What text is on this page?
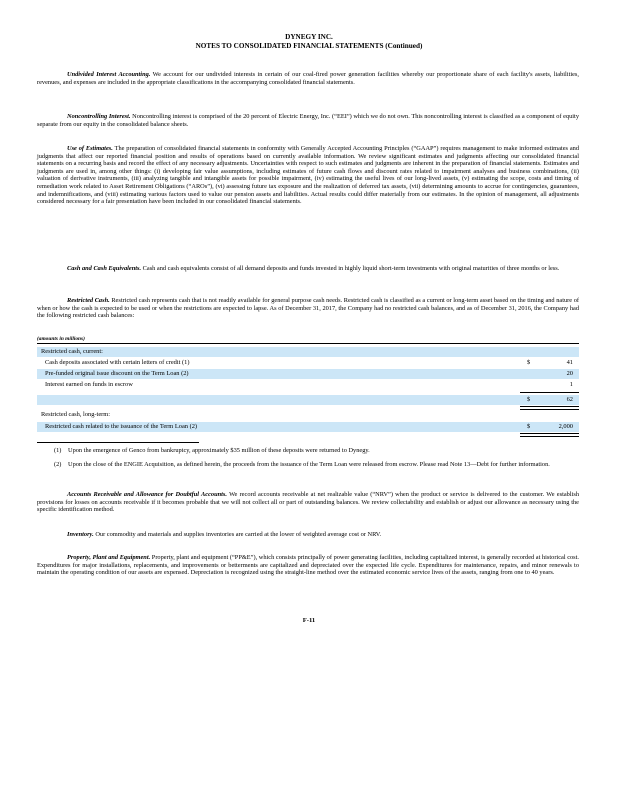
DYNEGY INC.
NOTES TO CONSOLIDATED FINANCIAL STATEMENTS (Continued)

Undivided Interest Accounting. We account for our undivided interests in certain of our coal-fired power generation facilities whereby our proportionate share of each facility's assets, liabilities, revenues, and expenses are included in the appropriate classifications in the accompanying consolidated financial statements.

Noncontrolling Interest. Noncontrolling interest is comprised of the 20 percent of Electric Energy, Inc. (“EEI”) which we do not own. This noncontrolling interest is classified as a component of equity separate from our equity in the consolidated balance sheets.

Use of Estimates. The preparation of consolidated financial statements in conformity with Generally Accepted Accounting Principles (“GAAP”) requires management to make informed estimates and judgments that affect our reported financial position and results of operations based on currently available information. We review significant estimates and judgments affecting our consolidated financial statements on a recurring basis and record the effect of any necessary adjustments. Uncertainties with respect to such estimates and judgments are inherent in the preparation of financial statements. Estimates and judgments are used in, among other things: (i) developing fair value assumptions, including estimates of future cash flows and discount rates related to impairment analyses and business combinations, (ii) valuation of derivative instruments, (iii) analyzing tangible and intangible assets for possible impairment, (iv) estimating the useful lives of our long-lived assets, (v) estimating the scope, costs and timing of remediation work related to Asset Retirement Obligations (“AROs”), (vi) assessing future tax exposure and the realization of deferred tax assets, (vii) determining amounts to accrue for contingencies, guarantees, and indemnifications, and (viii) estimating various factors used to value our pension assets and liabilities. Actual results could differ materially from our estimates. In the opinion of management, all adjustments considered necessary for a fair presentation have been included in our consolidated financial statements.

Cash and Cash Equivalents. Cash and cash equivalents consist of all demand deposits and funds invested in highly liquid short-term investments with original maturities of three months or less.

Restricted Cash. Restricted cash represents cash that is not readily available for general purpose cash needs. Restricted cash is classified as a current or long-term asset based on the timing and nature of when or how the cash is expected to be used or when the restrictions are expected to lapse. As of December 31, 2017, the Company had no restricted cash balances, and as of December 31, 2016, the Company had the following restricted cash balances:

(amounts in millions)
Restricted cash, current:
Cash deposits associated with certain letters of credit (1)	$	41
Pre-funded original issue discount on the Term Loan (2)	20
Interest earned on funds in escrow	1
$	62
Restricted cash, long-term:
Restricted cash related to the issuance of the Term Loan (2)	$	2,000
(1) Upon the emergence of Genco from bankruptcy, approximately $35 million of these deposits were returned to Dynegy.
(2) Upon the close of the ENGIE Acquisition, as defined herein, the proceeds from the issuance of the Term Loan were released from escrow. Please read Note 13—Debt for further information.

Accounts Receivable and Allowance for Doubtful Accounts. We record accounts receivable at net realizable value (“NRV”) when the product or service is delivered to the customer. We establish provisions for losses on accounts receivable if it becomes probable that we will not collect all or part of outstanding balances. We review collectability and establish or adjust our allowance as necessary using the specific identification method.

Inventory. Our commodity and materials and supplies inventories are carried at the lower of weighted average cost or NRV.

Property, Plant and Equipment. Property, plant and equipment (“PP&E”), which consists principally of power generating facilities, including capitalized interest, is generally recorded at historical cost. Expenditures for major installations, replacements, and improvements or betterments are capitalized and depreciated over the expected life cycle. Expenditures for maintenance, repairs, and minor renewals to maintain the operating condition of our assets are expensed. Depreciation is recognized using the straight-line method over the estimated economic service lives of the assets, ranging from one to 40 years.

F-11
